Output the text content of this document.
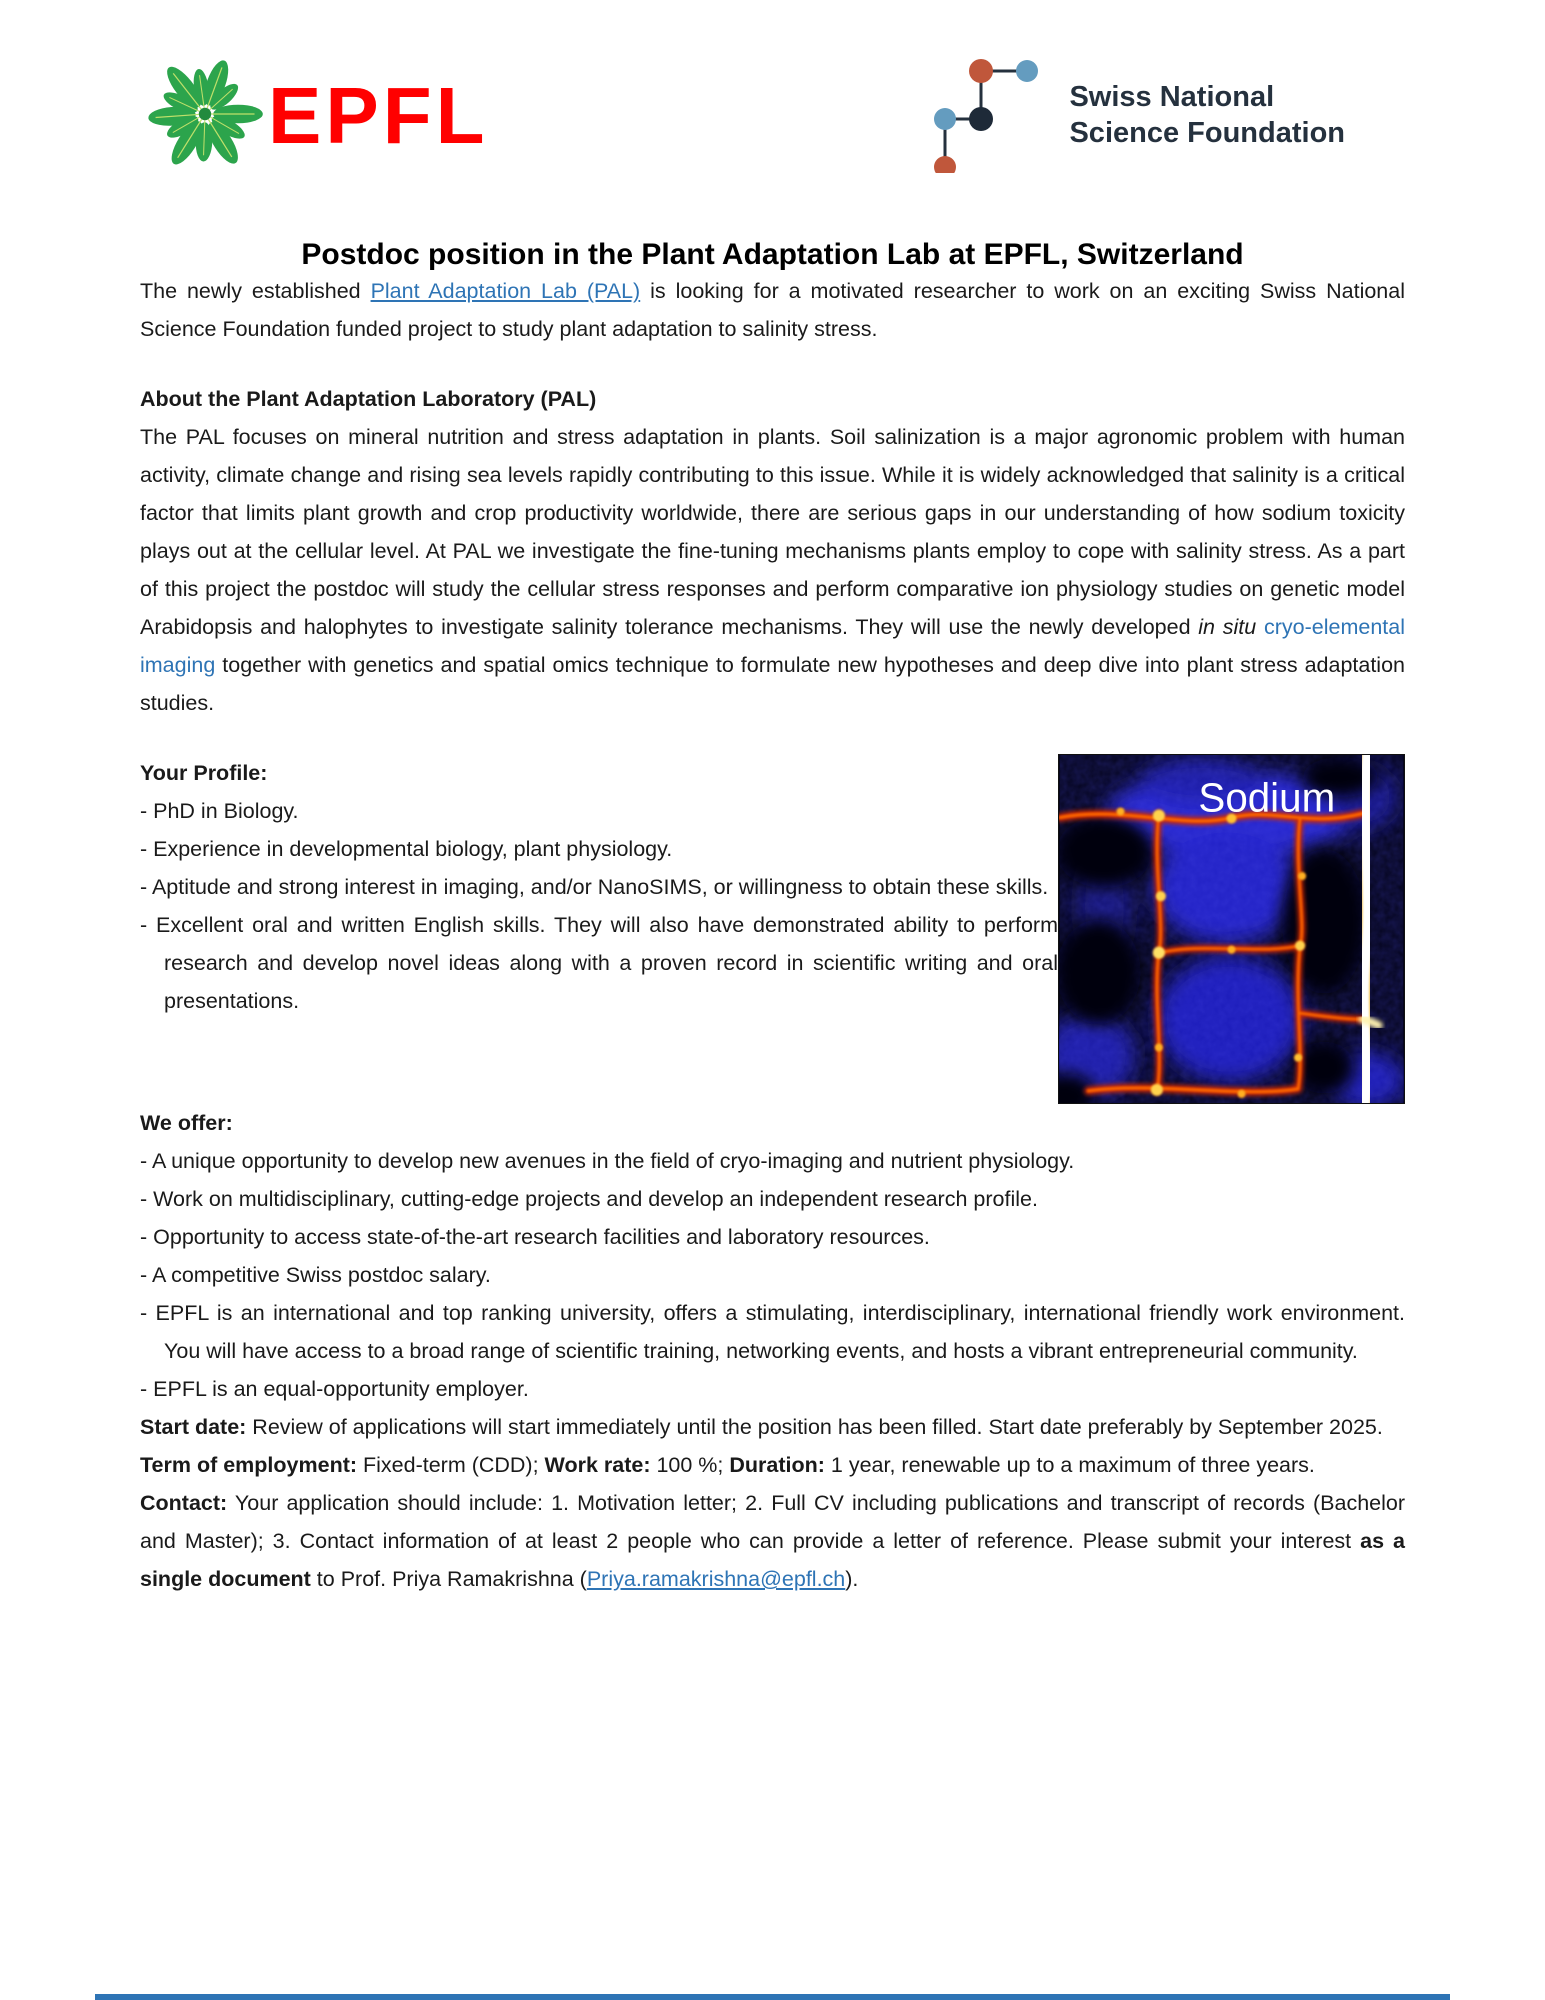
EPFL	Swiss National
Science Foundation
Postdoc position in the Plant Adaptation Lab at EPFL, Switzerland

The newly established Plant Adaptation Lab (PAL) is looking for a motivated researcher to work on an exciting Swiss National Science Foundation funded project to study plant adaptation to salinity stress.

About the Plant Adaptation Laboratory (PAL)

The PAL focuses on mineral nutrition and stress adaptation in plants. Soil salinization is a major agronomic problem with human activity, climate change and rising sea levels rapidly contributing to this issue. While it is widely acknowledged that salinity is a critical factor that limits plant growth and crop productivity worldwide, there are serious gaps in our understanding of how sodium toxicity plays out at the cellular level. At PAL we investigate the fine-tuning mechanisms plants employ to cope with salinity stress. As a part of this project the postdoc will study the cellular stress responses and perform comparative ion physiology studies on genetic model Arabidopsis and halophytes to investigate salinity tolerance mechanisms. They will use the newly developed in situ cryo-elemental imaging together with genetics and spatial omics technique to formulate new hypotheses and deep dive into plant stress adaptation studies.

Sodium

Your Profile:

- PhD in Biology.
- Experience in developmental biology, plant physiology.
- Aptitude and strong interest in imaging, and/or NanoSIMS, or willingness to obtain these skills.
- Excellent oral and written English skills. They will also have demonstrated ability to perform research and develop novel ideas along with a proven record in scientific writing and oral presentations.

We offer:

- A unique opportunity to develop new avenues in the field of cryo-imaging and nutrient physiology.
- Work on multidisciplinary, cutting-edge projects and develop an independent research profile.
- Opportunity to access state-of-the-art research facilities and laboratory resources.
- A competitive Swiss postdoc salary.
- EPFL is an international and top ranking university, offers a stimulating, interdisciplinary, international friendly work environment. You will have access to a broad range of scientific training, networking events, and hosts a vibrant entrepreneurial community.
- EPFL is an equal-opportunity employer.

Start date: Review of applications will start immediately until the position has been filled. Start date preferably by September 2025.

Term of employment: Fixed-term (CDD); Work rate: 100 %; Duration: 1 year, renewable up to a maximum of three years.

Contact: Your application should include: 1. Motivation letter; 2. Full CV including publications and transcript of records (Bachelor and Master); 3. Contact information of at least 2 people who can provide a letter of reference. Please submit your interest as a single document to Prof. Priya Ramakrishna (Priya.ramakrishna@epfl.ch).
